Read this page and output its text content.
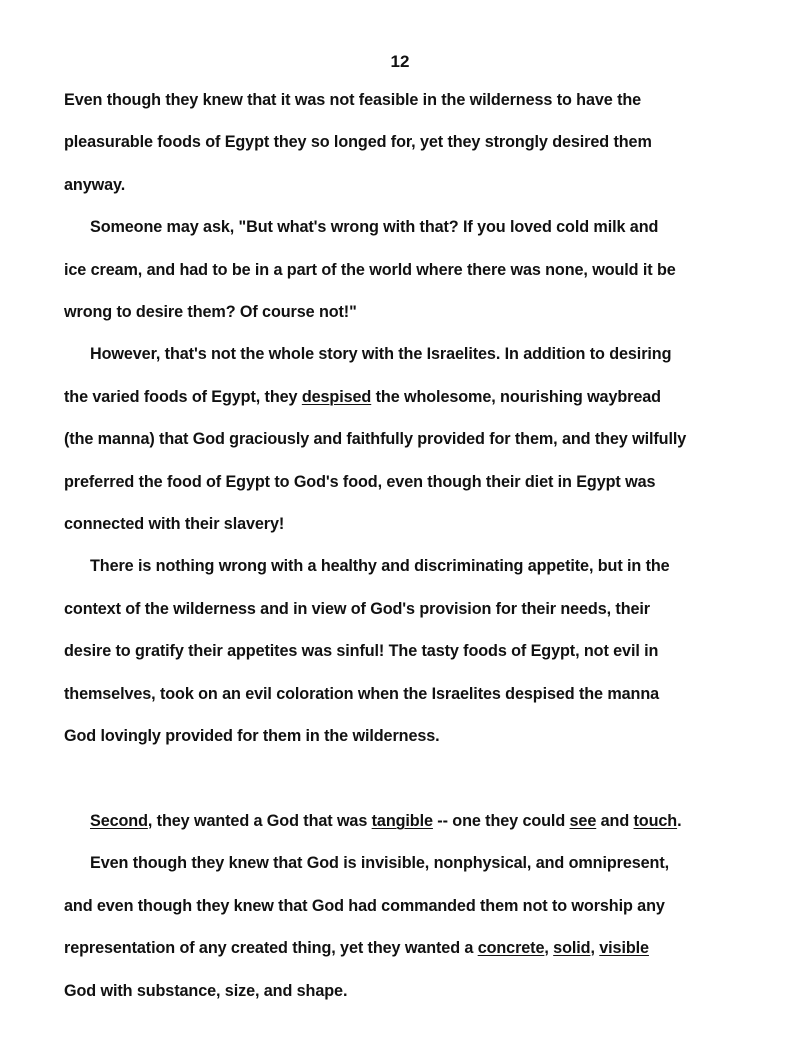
12
Even though they knew that it was not feasible in the wilderness to have the
pleasurable foods of Egypt they so longed for, yet they strongly desired them
anyway.
Someone may ask, "But what's wrong with that? If you loved cold milk and
ice cream, and had to be in a part of the world where there was none, would it be
wrong to desire them? Of course not!"
However, that's not the whole story with the Israelites. In addition to desiring
the varied foods of Egypt, they despised the wholesome, nourishing waybread
(the manna) that God graciously and faithfully provided for them, and they wilfully
preferred the food of Egypt to God's food, even though their diet in Egypt was
connected with their slavery!
There is nothing wrong with a healthy and discriminating appetite, but in the
context of the wilderness and in view of God's provision for their needs, their
desire to gratify their appetites was sinful! The tasty foods of Egypt, not evil in
themselves, took on an evil coloration when the Israelites despised the manna
God lovingly provided for them in the wilderness.
Second, they wanted a God that was tangible -- one they could see and touch.
Even though they knew that God is invisible, nonphysical, and omnipresent,
and even though they knew that God had commanded them not to worship any
representation of any created thing, yet they wanted a concrete, solid, visible
God with substance, size, and shape.
